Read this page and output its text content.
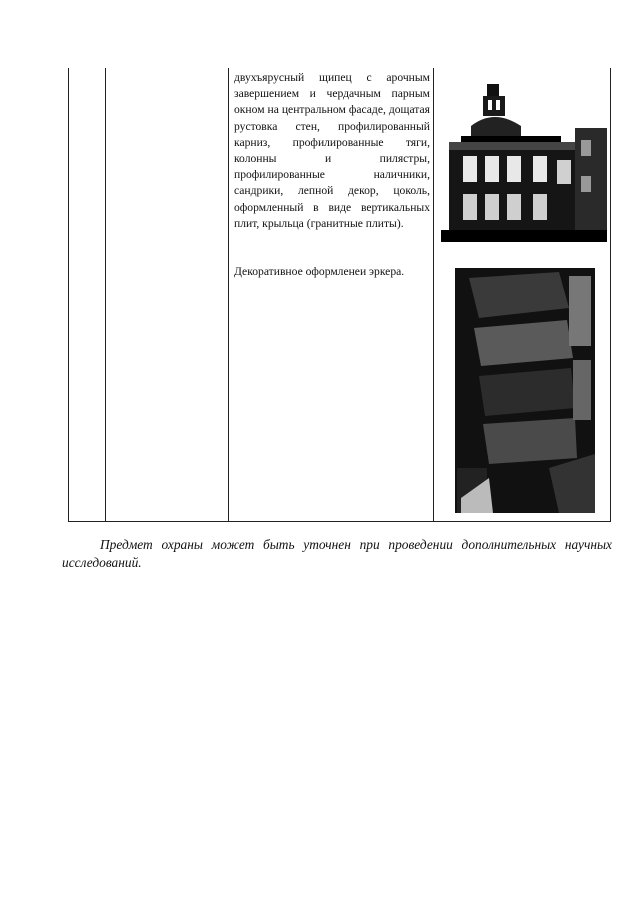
двухъярусный щипец с арочным завершением и чердачным парным окном на центральном фасаде, дощатая рустовка стен, профилированный карниз, профилированные тяги, колонны и пилястры, профилированные наличники, сандрики, лепной декор, цоколь, оформленный в виде вертикальных плит, крыльца (гранитные плиты).

Декоративное оформленеи эркера.

Предмет охраны может быть уточнен при проведении дополнительных научных исследований.
